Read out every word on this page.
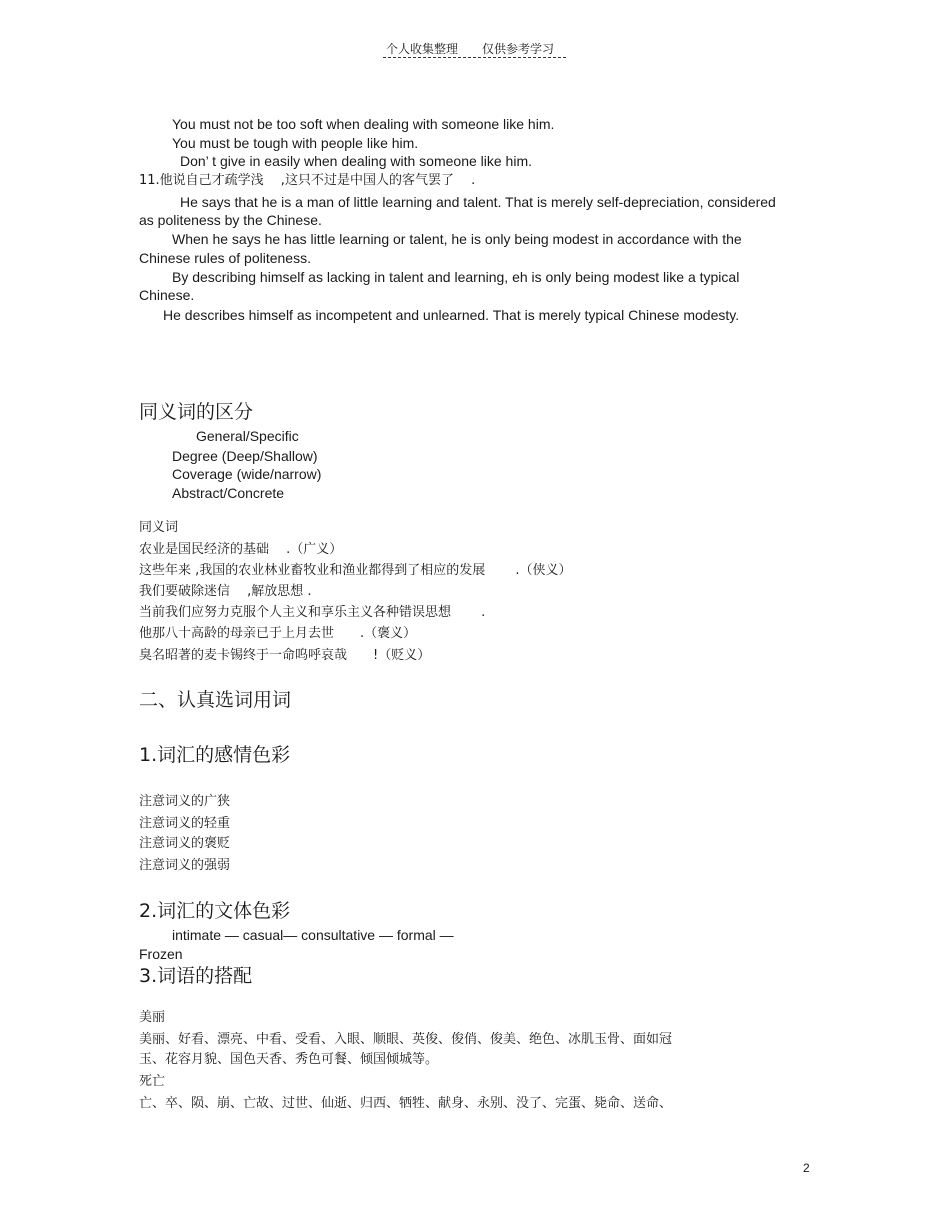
个人收集整理 仅供参考学习
You must not be too soft when dealing with someone like him.
You must be tough with people like him.
Don’ t give in easily when dealing with someone like him.
11.他说自己才疏学浅　 ,这只不过是中国人的客气罢了　 .
He says that he is a man of little learning and talent. That is merely self-depreciation, considered
as politeness by the Chinese.
When he says he has little learning or talent, he is only being modest in accordance with the
Chinese rules of politeness.
By describing himself as lacking in talent and learning, eh is only being modest like a typical
Chinese.
He describes himself as incompetent and unlearned. That is merely typical Chinese modesty.
同义词的区分
General/Specific
Degree (Deep/Shallow)
Coverage (wide/narrow)
Abstract/Concrete
同义词
农业是国民经济的基础　 .（广义）
这些年来 ,我国的农业林业畜牧业和渔业都得到了相应的发展　　 .（侠义）
我们要破除迷信　 ,解放思想 .
当前我们应努力克服个人主义和享乐主义各种错误思想　　 .
他那八十高龄的母亲已于上月去世　　.（褒义）
臭名昭著的麦卡锡终于一命呜呼哀哉　　!（贬义）
二、认真选词用词
1.词汇的感情色彩
注意词义的广狭
注意词义的轻重
注意词义的褒贬
注意词义的强弱
2.词汇的文体色彩
intimate — casual— consultative — formal —
Frozen
3.词语的搭配
美丽
美丽、好看、漂亮、中看、受看、入眼、顺眼、英俊、俊俏、俊美、绝色、冰肌玉骨、面如冠
玉、花容月貌、国色天香、秀色可餐、倾国倾城等。
死亡
亡、卒、陨、崩、亡故、过世、仙逝、归西、牺牲、献身、永别、没了、完蛋、毙命、送命、
2
